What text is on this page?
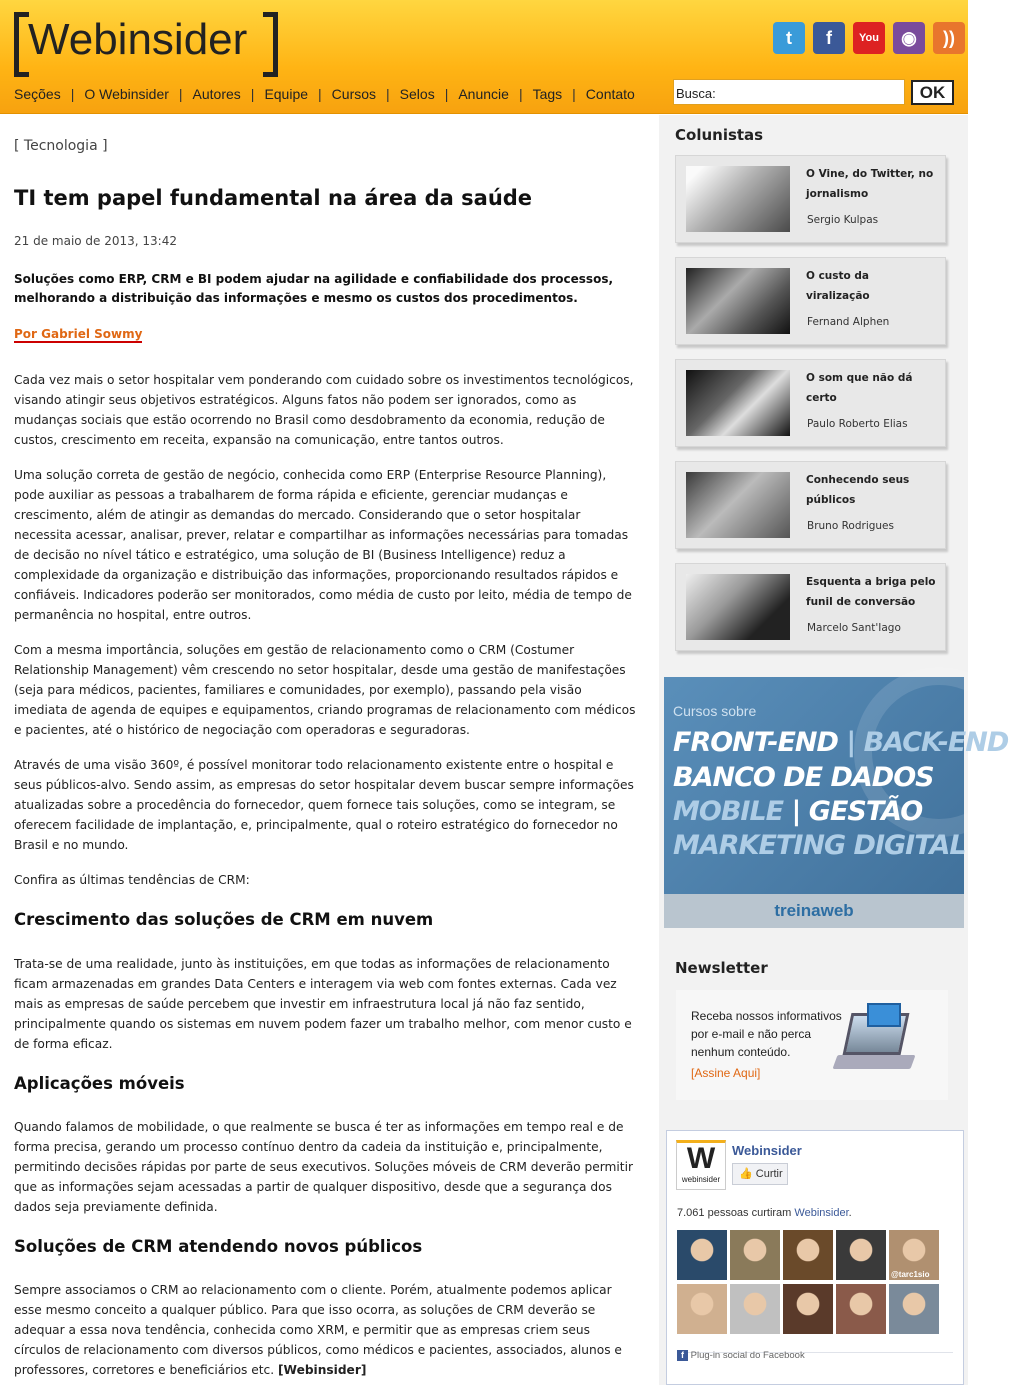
Webinsider	t	f	You	◉	))
Seções | O Webinsider | Autores | Equipe | Cursos | Selos | Anuncie | Tags | Contato	Busca:	OK
[ Tecnologia ]
TI tem papel fundamental na área da saúde
21 de maio de 2013, 13:42
Soluções como ERP, CRM e BI podem ajudar na agilidade e confiabilidade dos processos, melhorando a distribuição das informações e mesmo os custos dos procedimentos.
Por Gabriel Sowmy
Cada vez mais o setor hospitalar vem ponderando com cuidado sobre os investimentos tecnológicos, visando atingir seus objetivos estratégicos. Alguns fatos não podem ser ignorados, como as mudanças sociais que estão ocorrendo no Brasil como desdobramento da economia, redução de custos, crescimento em receita, expansão na comunicação, entre tantos outros.
Uma solução correta de gestão de negócio, conhecida como ERP (Enterprise Resource Planning), pode auxiliar as pessoas a trabalharem de forma rápida e eficiente, gerenciar mudanças e crescimento, além de atingir as demandas do mercado. Considerando que o setor hospitalar necessita acessar, analisar, prever, relatar e compartilhar as informações necessárias para tomadas de decisão no nível tático e estratégico, uma solução de BI (Business Intelligence) reduz a complexidade da organização e distribuição das informações, proporcionando resultados rápidos e confiáveis. Indicadores poderão ser monitorados, como média de custo por leito, média de tempo de permanência no hospital, entre outros.
Com a mesma importância, soluções em gestão de relacionamento como o CRM (Costumer Relationship Management) vêm crescendo no setor hospitalar, desde uma gestão de manifestações (seja para médicos, pacientes, familiares e comunidades, por exemplo), passando pela visão imediata de agenda de equipes e equipamentos, criando programas de relacionamento com médicos e pacientes, até o histórico de negociação com operadoras e seguradoras.
Através de uma visão 360º, é possível monitorar todo relacionamento existente entre o hospital e seus públicos-alvo. Sendo assim, as empresas do setor hospitalar devem buscar sempre informações atualizadas sobre a procedência do fornecedor, quem fornece tais soluções, como se integram, se oferecem facilidade de implantação, e, principalmente, qual o roteiro estratégico do fornecedor no Brasil e no mundo.
Confira as últimas tendências de CRM:
Crescimento das soluções de CRM em nuvem
Trata-se de uma realidade, junto às instituições, em que todas as informações de relacionamento ficam armazenadas em grandes Data Centers e interagem via web com fontes externas. Cada vez mais as empresas de saúde percebem que investir em infraestrutura local já não faz sentido, principalmente quando os sistemas em nuvem podem fazer um trabalho melhor, com menor custo e de forma eficaz.
Aplicações móveis
Quando falamos de mobilidade, o que realmente se busca é ter as informações em tempo real e de forma precisa, gerando um processo contínuo dentro da cadeia da instituição e, principalmente, permitindo decisões rápidas por parte de seus executivos. Soluções móveis de CRM deverão permitir que as informações sejam acessadas a partir de qualquer dispositivo, desde que a segurança dos dados seja previamente definida.
Soluções de CRM atendendo novos públicos
Sempre associamos o CRM ao relacionamento com o cliente. Porém, atualmente podemos aplicar esse mesmo conceito a qualquer público. Para que isso ocorra, as soluções de CRM deverão se adequar a essa nova tendência, conhecida como XRM, e permitir que as empresas criem seus círculos de relacionamento com diversos públicos, como médicos e pacientes, associados, alunos e professores, corretores e beneficiários etc. [Webinsider]
Colunistas
O Vine, do Twitter, no jornalismo
Sergio Kulpas
O custo da viralização
Fernand Alphen
O som que não dá certo
Paulo Roberto Elias
Conhecendo seus públicos
Bruno Rodrigues
Esquenta a briga pelo funil de conversão
Marcelo Sant'Iago
Cursos sobre
FRONT-END | BACK-END
BANCO DE DADOS
MOBILE | GESTÃO
MARKETING DIGITAL
treinaweb
Newsletter
Receba nossos informativos por e-mail e não perca nenhum conteúdo.
[Assine Aqui]
W
webinsider
Webinsider
👍 Curtir
7.061 pessoas curtiram Webinsider.
@tarc1sio
f Plug-in social do Facebook
